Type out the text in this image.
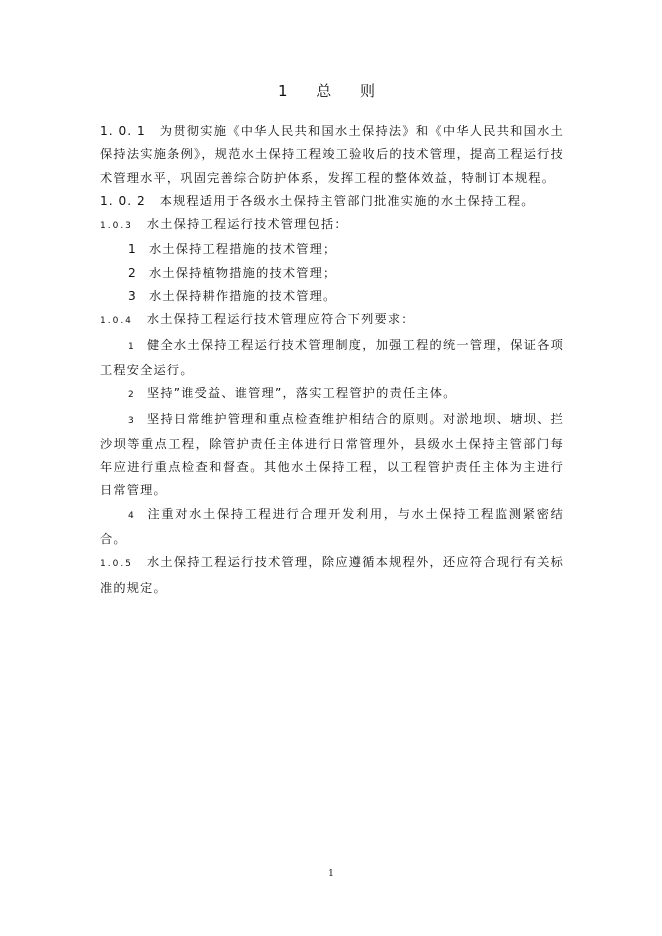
1 总 则

1. 0. 1 为贯彻实施《中华人民共和国水土保持法》和《中华人民共和国水土保持法实施条例》，规范水土保持工程竣工验收后的技术管理，提高工程运行技术管理水平，巩固完善综合防护体系，发挥工程的整体效益，特制订本规程。

1. 0. 2 本规程适用于各级水土保持主管部门批准实施的水土保持工程。

1.0.3 水土保持工程运行技术管理包括：

1 水土保持工程措施的技术管理；

2 水土保持植物措施的技术管理；

3 水土保持耕作措施的技术管理。

1.0.4 水土保持工程运行技术管理应符合下列要求：

1 健全水土保持工程运行技术管理制度，加强工程的统一管理，保证各项工程安全运行。

2 坚持”谁受益、谁管理”，落实工程管护的责任主体。

3 坚持日常维护管理和重点检查维护相结合的原则。对淤地坝、塘坝、拦沙坝等重点工程，除管护责任主体进行日常管理外，县级水土保持主管部门每年应进行重点检查和督查。其他水土保持工程，以工程管护责任主体为主进行日常管理。

4 注重对水土保持工程进行合理开发利用，与水土保持工程监测紧密结合。

1.0.5 水土保持工程运行技术管理，除应遵循本规程外，还应符合现行有关标准的规定。

1
